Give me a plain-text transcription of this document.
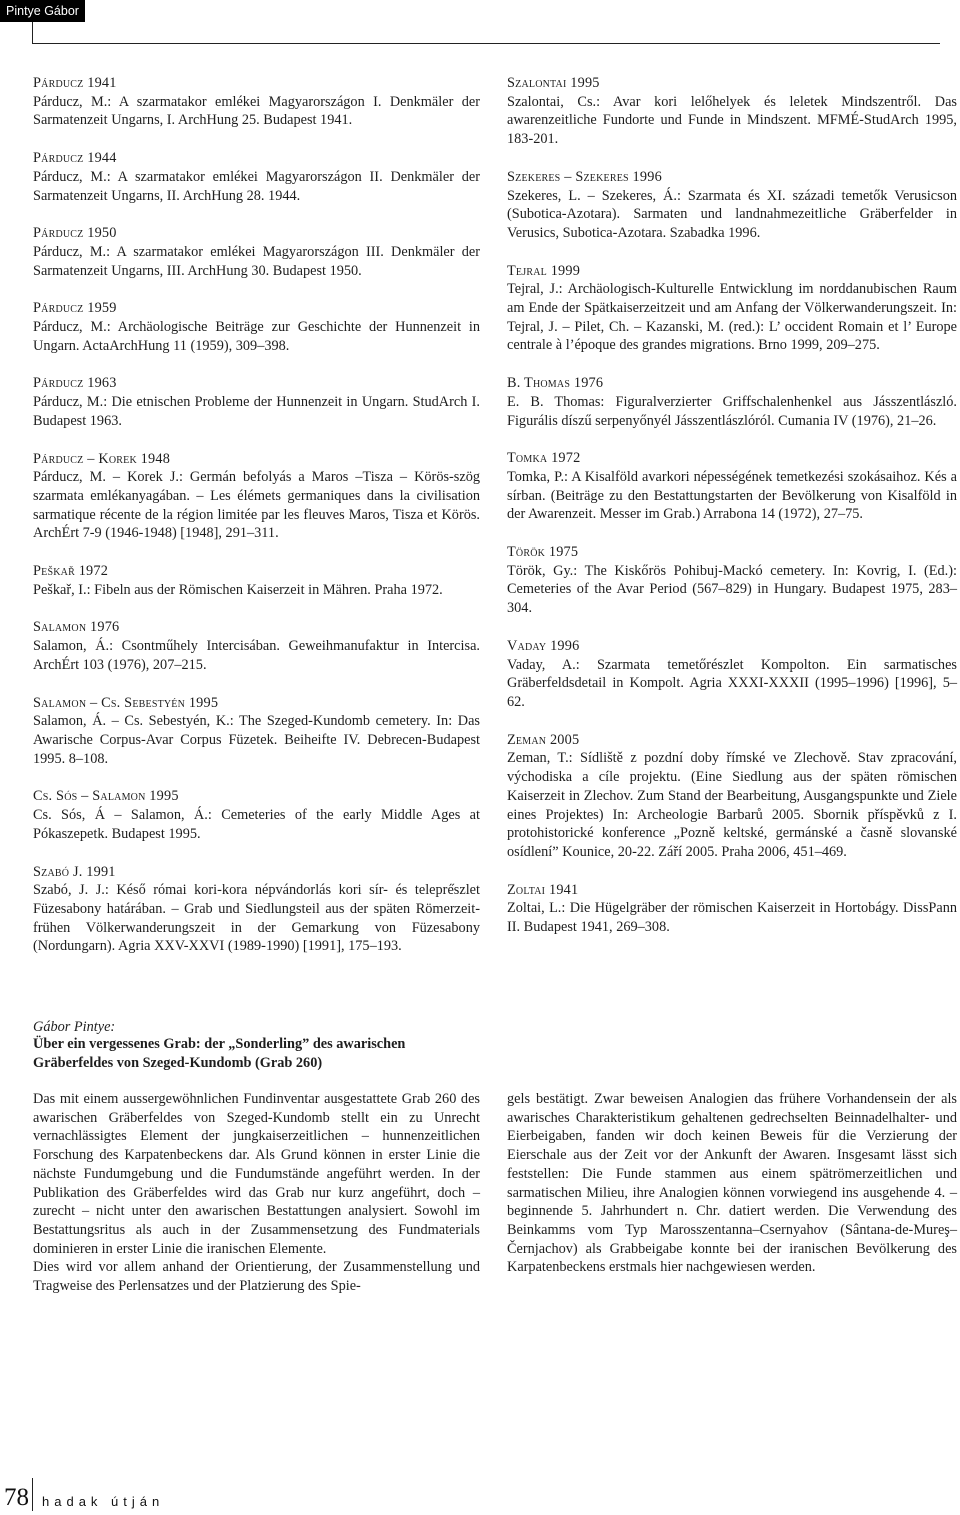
Pintye Gábor
Párducz 1941
Párducz, M.: A szarmatakor emlékei Magyarországon I. Denkmäler der Sarmatenzeit Ungarns, I. ArchHung 25. Budapest 1941.
Párducz 1944
Párducz, M.: A szarmatakor emlékei Magyarországon II. Denkmäler der Sarmatenzeit Ungarns, II. ArchHung 28. 1944.
Párducz 1950
Párducz, M.: A szarmatakor emlékei Magyarországon III. Denkmäler der Sarmatenzeit Ungarns, III. ArchHung 30. Budapest 1950.
Párducz 1959
Párducz, M.: Archäologische Beiträge zur Geschichte der Hunnenzeit in Ungarn. ActaArchHung 11 (1959), 309–398.
Párducz 1963
Párducz, M.: Die etnischen Probleme der Hunnenzeit in Ungarn. StudArch I. Budapest 1963.
Párducz – Korek 1948
Párducz, M. – Korek J.: Germán befolyás a Maros –Tisza – Körös-szög szarmata emlékanyagában. – Les élémets germaniques dans la civilisation sarmatique récente de la région limitée par les fleuves Maros, Tisza et Körös. ArchÉrt 7-9 (1946-1948) [1948], 291–311.
Peškař 1972
Peškař, I.: Fibeln aus der Römischen Kaiserzeit in Mähren. Praha 1972.
Salamon 1976
Salamon, Á.: Csontműhely Intercisában. Geweihmanufaktur in Intercisa. ArchÉrt 103 (1976), 207–215.
Salamon – Cs. Sebestyén 1995
Salamon, Á. – Cs. Sebestyén, K.: The Szeged-Kundomb cemetery. In: Das Awarische Corpus-Avar Corpus Füzetek. Beiheifte IV. Debrecen-Budapest 1995. 8–108.
Cs. Sós – Salamon 1995
Cs. Sós, Á – Salamon, Á.: Cemeteries of the early Middle Ages at Pókaszepetk. Budapest 1995.
Szabó J. 1991
Szabó, J. J.: Késő római kori-kora népvándorlás kori sír- és telepre̋szlet Füzesabony határában. – Grab und Siedlungsteil aus der späten Römerzeit-frühen Völkerwanderungszeit in der Gemarkung von Füzesabony (Nordungarn). Agria XXV-XXVI (1989-1990) [1991], 175–193.
Szalontai 1995
Szalontai, Cs.: Avar kori lelőhelyek és leletek Mindszentről. Das awarenzeitliche Fundorte und Funde in Mindszent. MFMÉ-StudArch 1995, 183-201.
Szekeres – Szekeres 1996
Szekeres, L. – Szekeres, Á.: Szarmata és XI. századi temetők Verusicson (Subotica-Azotara). Sarmaten und landnahmezeitliche Gräberfelder in Verusics, Subotica-Azotara. Szabadka 1996.
Tejral 1999
Tejral, J.: Archäologisch-Kulturelle Entwicklung im norddanubischen Raum am Ende der Spätkaiserzeitzeit und am Anfang der Völkerwanderungszeit. In: Tejral, J. – Pilet, Ch. – Kazanski, M. (red.): L’ occident Romain et l’ Europe centrale à l’époque des grandes migrations. Brno 1999, 209–275.
B. Thomas 1976
E. B. Thomas: Figuralverzierter Griffschalenhenkel aus Jásszentlászló. Figurális díszű serpenyőnyél Jásszentlászlóról. Cumania IV (1976), 21–26.
Tomka 1972
Tomka, P.: A Kisalföld avarkori népességének temetkezési szokásaihoz. Kés a sírban. (Beiträge zu den Bestattungstarten der Bevölkerung von Kisalföld in der Awarenzeit. Messer im Grab.) Arrabona 14 (1972), 27–75.
Török 1975
Török, Gy.: The Kiskőrös Pohibuj-Mackó cemetery. In: Kovrig, I. (Ed.): Cemeteries of the Avar Period (567–829) in Hungary. Budapest 1975, 283–304.
Vaday 1996
Vaday, A.: Szarmata temetőrészlet Kompolton. Ein sarmatisches Gräberfeldsdetail in Kompolt. Agria XXXI-XXXII (1995–1996) [1996], 5–62.
Zeman 2005
Zeman, T.: Sídliště z pozdní doby římské ve Zlechově. Stav zpracování, východiska a cíle projektu. (Eine Siedlung aus der späten römischen Kaiserzeit in Zlechov. Zum Stand der Bearbeitung, Ausgangspunkte und Ziele eines Projektes) In: Archeologie Barbarů 2005. Sbornik příspěvků z I. protohistorické konference „Pozně keltské, germánské a časně slovanské osídlení” Kounice, 20-22. Září 2005. Praha 2006, 451–469.
Zoltai 1941
Zoltai, L.: Die Hügelgräber der römischen Kaiserzeit in Hortobágy. DissPann II. Budapest 1941, 269–308.
Gábor Pintye:
Über ein vergessenes Grab: der „Sonderling” des awarischen
Gräberfeldes von Szeged-Kundomb (Grab 260)
Das mit einem aussergewöhnlichen Fundinventar ausgestattete Grab 260 des awarischen Gräberfeldes von Szeged-Kundomb stellt ein zu Unrecht vernachlässigtes Element der jungkaiserzeitlichen – hunnenzeitlichen Forschung des Karpatenbeckens dar. Als Grund können in erster Linie die nächste Fundumgebung und die Fundumstände angeführt werden. In der Publikation des Gräberfeldes wird das Grab nur kurz angeführt, doch – zurecht – nicht unter den awarischen Bestattungen analysiert. Sowohl im Bestattungsritus als auch in der Zusammensetzung des Fundmaterials dominieren in erster Linie die iranischen Elemente.
Dies wird vor allem anhand der Orientierung, der Zusammenstellung und Tragweise des Perlensatzes und der Platzierung des Spie-
gels bestätigt. Zwar beweisen Analogien das frühere Vorhandensein der als awarisches Charakteristikum gehaltenen gedrechselten Beinnadelhalter- und Eierbeigaben, fanden wir doch keinen Beweis für die Verzierung der Eierschale aus der Zeit vor der Ankunft der Awaren. Insgesamt lässt sich feststellen: Die Funde stammen aus einem spätrömerzeitlichen und sarmatischen Milieu, ihre Analogien können vorwiegend ins ausgehende 4. – beginnende 5. Jahrhundert n. Chr. datiert werden. Die Verwendung des Beinkamms vom Typ Marosszentanna–Csernyahov (Sântana-de-Mureş–Černjachov) als Grabbeigabe konnte bei der iranischen Bevölkerung des Karpatenbeckens erstmals hier nachgewiesen werden.
78 hadak útján
